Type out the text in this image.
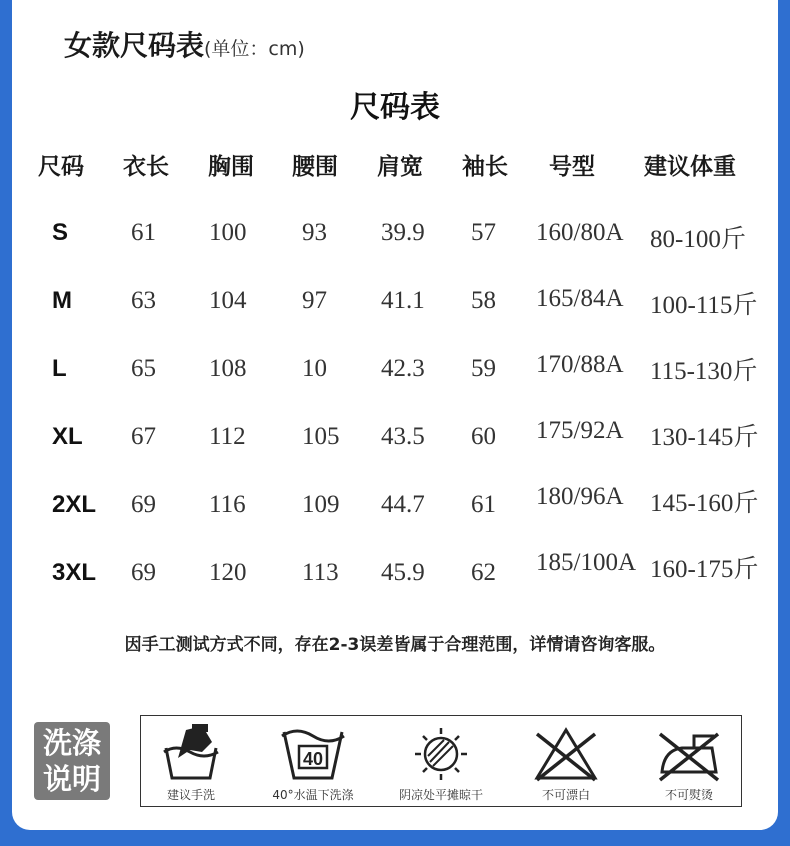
女款尺码表(单位：cm)
尺码表
尺码 衣长 胸围 腰围 肩宽 袖长 号型 建议体重
S	61 100 93 39.9 57 160/80A 80-100斤
M 63 104 97 41.1 58 165/84A 100-115斤
L	65 108 10 42.3 59 170/88A 115-130斤
XL 67 112 105 43.5 60 175/92A 130-145斤
2XL 69 116 109 44.7 61 180/96A 145-160斤
3XL 69 120 113 45.9 62 185/100A 160-175斤
因手工测试方式不同，存在2-3误差皆属于合理范围，详情请咨询客服。
洗涤
说明	建议手洗
40
40°水温下洗涤	阴凉处平摊晾干	不可漂白	不可熨烫
